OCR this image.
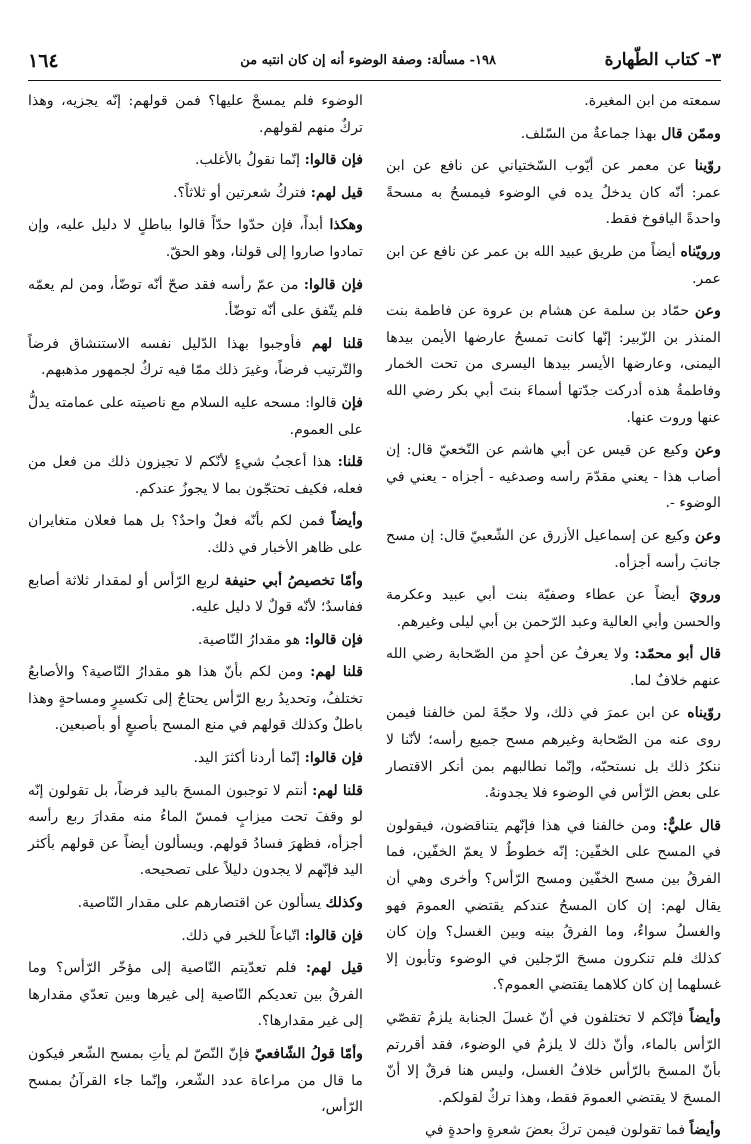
٣- كتاب الطّهارة
١٩٨- مسألة: وصفة الوضوء أنه إن كان انتبه من
١٦٤

سمعته من ابن المغيرة.

وممّن قال بهذا جماعةٌ من السّلف.

روّينا عن معمر عن أيّوب السّختياني عن نافع عن ابن عمر: أنّه كان يدخلُ يده في الوضوء فيمسحُ به مسحةً واحدةً اليافوخ فقط.

ورويّناه أيضاً من طريق عبيد الله بن عمر عن نافع عن ابن عمر.

وعن حمّاد بن سلمة عن هشام بن عروة عن فاطمة بنت المنذر بن الزّبير: إنّها كانت تمسحُ عارضها الأيمن بيدها اليمنى، وعارضها الأيسر بيدها اليسرى من تحت الخمار وفاطمةُ هذه أدركت جدّتها أسماءَ بنتَ أبي بكر رضي الله عنها وروت عنها.

وعن وكيع عن قيس عن أبي هاشم عن النّخعيّ قال: إن أصاب هذا - يعني مقدّمَ راسه وصدغيه - أجزاه - يعني في الوضوء -.

وعن وكيع عن إسماعيل الأزرق عن الشّعبيّ قال: إن مسح جانبَ رأسه أجزأه.

ورويَ أيضاً عن عطاء وصفيّة بنت أبي عبيد وعكرمة والحسن وأبي العالية وعبد الرّحمن بن أبي ليلى وغيرهم.

قال أبو محمّد: ولا يعرفُ عن أحدٍ من الصّحابة رضي الله عنهم خلافٌ لما.

روّيناه عن ابن عمرَ في ذلك، ولا حجّةَ لمن خالفنا فيمن روى عنه من الصّحابة وغيرهم مسح جميع رأسه؛ لأنّنا لا ننكرُ ذلك بل نستحبّه، وإنّما نطالبهم بمن أنكر الاقتصار على بعض الرّأس في الوضوء فلا يجدونهُ.

قال عليٌّ: ومن خالفنا في هذا فإنّهم يتناقضون، فيقولون في المسح على الخفّين: إنّه خطوطٌ لا يعمّ الخفّين، فما الفرقُ بين مسح الخفّين ومسح الرّأس؟ وأخرى وهي أن يقال لهم: إن كان المسحُ عندكم يقتضي العمومَ فهو والغسلُ سواءٌ، وما الفرقُ بينه وبين الغسل؟ وإن كان كذلك فلم تنكرون مسحَ الرّجلين في الوضوء وتأبون إلا غسلهما إن كان كلاهما يقتضي العموم؟.

وأيضاً فإنّكم لا تختلفون في أنّ غسلَ الجنابة يلزمُ تقصّي الرّأس بالماء، وأنّ ذلك لا يلزمُ في الوضوء، فقد أقررتم بأنّ المسحَ بالرّأس خلافُ الغسل، وليس هنا فرقٌ إلا أنّ المسحَ لا يقتضي العمومَ فقط، وهذا تركٌ لقولكم.

وأيضاً فما تقولون فيمن تركَ بعضَ شعرةٍ واحدةٍ في

الوضوء فلم يمسحْ عليها؟ فمن قولهم: إنّه يجزيه، وهذا تركٌ منهم لقولهم.

فإن قالوا: إنّما نقولُ بالأغلب.

قيل لهم: فتركُ شعرتين أو ثلاثاً؟.

وهكذا أبداً، فإن حدّوا حدّاً قالوا بباطلٍ لا دليل عليه، وإن تمادوا صاروا إلى قولنا، وهو الحقّ.

فإن قالوا: من عمّ رأسه فقد صحّ أنّه توضّأ، ومن لم يعمّه فلم يتّفق على أنّه توضّأ.

قلنا لهم فأوجبوا بهذا الدّليل نفسه الاستنشاق فرضاً والتّرتيب فرضاً، وغيرَ ذلك ممّا فيه تركٌ لجمهور مذهبهم.

فإن قالوا: مسحه عليه السلام مع ناصيته على عمامته يدلُّ على العموم.

قلنا: هذا أعجبُ شيءٍ لأنّكم لا تجيزون ذلك من فعل من فعله، فكيف تحتجّون بما لا يجوزُ عندكم.

وأيضاً فمن لكم بأنّه فعلٌ واحدٌ؟ بل هما فعلان متغايران على ظاهر الأخبار في ذلك.

وأمّا تخصيصُ أبي حنيفة لربع الرّأس أو لمقدار ثلاثة أصابع ففاسدٌ؛ لأنّه قولٌ لا دليل عليه.

فإن قالوا: هو مقدارُ النّاصية.

قلنا لهم: ومن لكم بأنّ هذا هو مقدارُ النّاصية؟ والأصابعُ تختلفُ، وتحديدُ ربع الرّأس يحتاجُ إلى تكسيرٍ ومساحةٍ وهذا باطلٌ وكذلك قولهم في منع المسح بأصبعٍ أو بأصبعين.

فإن قالوا: إنّما أردنا أكثرَ اليد.

قلنا لهم: أنتم لا توجبون المسحَ باليد فرضاً، بل تقولون إنّه لو وقفَ تحت ميزابٍ فمسّ الماءُ منه مقدارَ ربع رأسه أجزأه، فظهرَ فسادُ قولهم. ويسألون أيضاً عن قولهم بأكثر اليد فإنّهم لا يجدون دليلاً على تصحيحه.

وكذلك يسألون عن اقتصارهم على مقدار النّاصية.

فإن قالوا: اتّباعاً للخبر في ذلك.

قيل لهم: فلم تعدّيتم النّاصية إلى مؤخّر الرّأس؟ وما الفرقُ بين تعديكم النّاصية إلى غيرها وبين تعدّي مقدارها إلى غير مقدارها؟.

وأمّا قولُ الشّافعيّ فإنّ النّصّ لم يأتِ بمسح الشّعر فيكون ما قال من مراعاة عدد الشّعر، وإنّما جاء القرآنُ بمسح الرّأس،
